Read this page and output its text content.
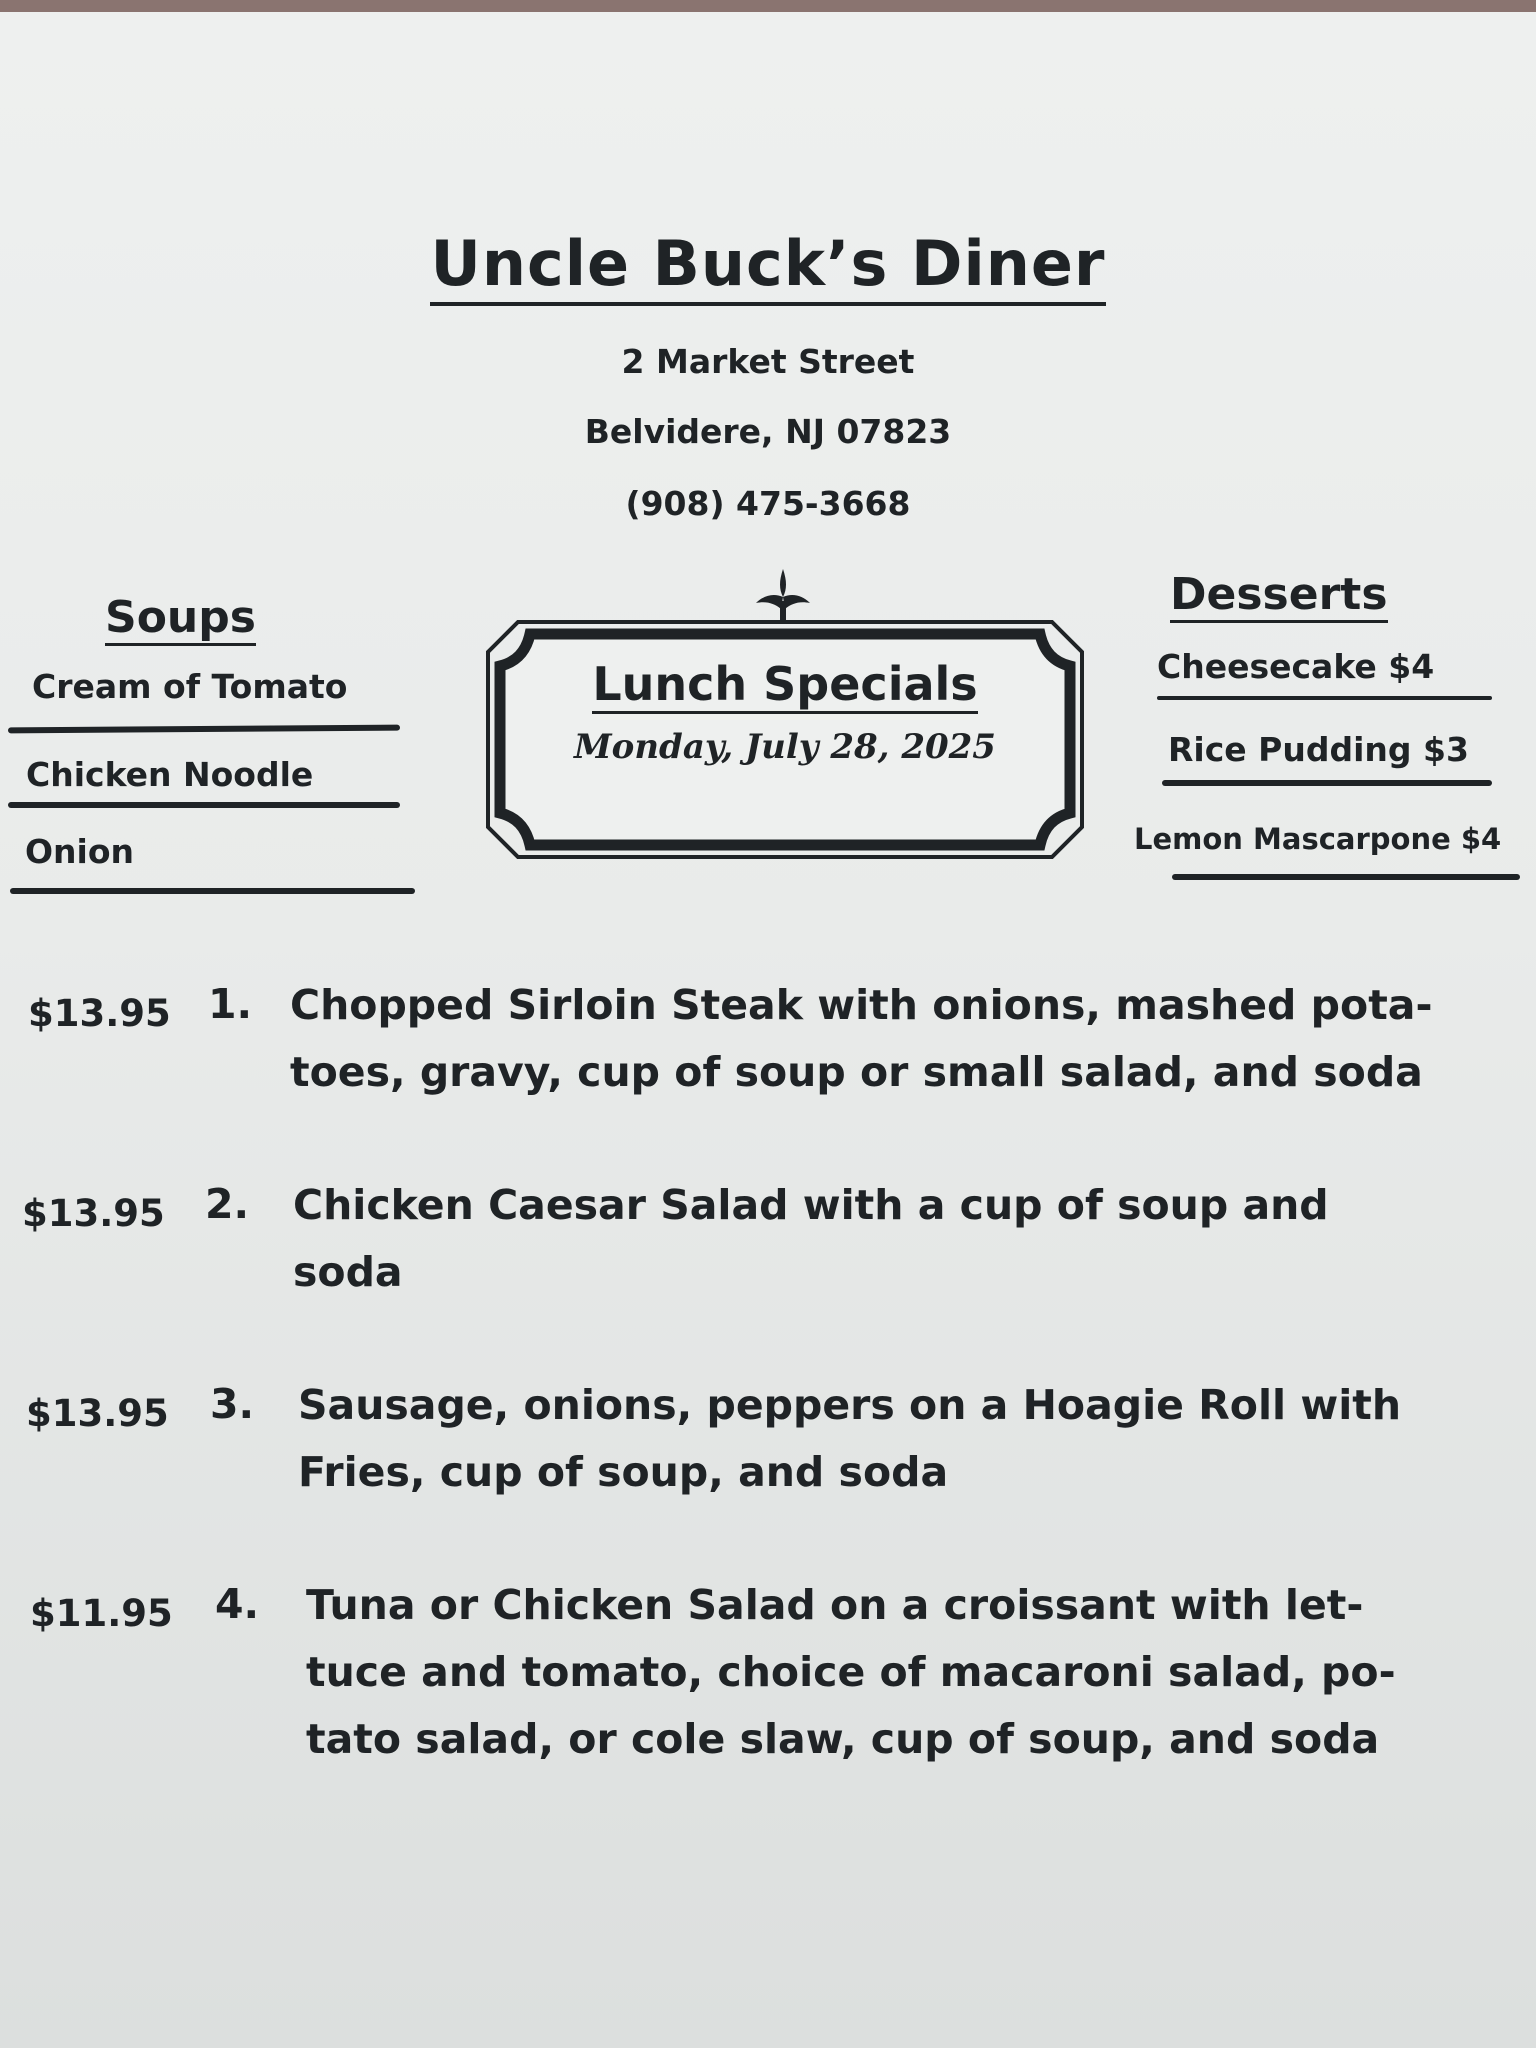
Uncle Buck’s Diner
2 Market Street
Belvidere, NJ 07823
(908) 475-3668
Soups
Cream of Tomato
Chicken Noodle
Onion
Desserts
Cheesecake $4
Rice Pudding $3
Lemon Mascarpone $4
Lunch Specials
Monday, July 28, 2025
$13.95 1. Chopped Sirloin Steak with onions, mashed pota-
toes, gravy, cup of soup or small salad, and soda
$13.95 2. Chicken Caesar Salad with a cup of soup and
soda
$13.95 3. Sausage, onions, peppers on a Hoagie Roll with
Fries, cup of soup, and soda
$11.95 4. Tuna or Chicken Salad on a croissant with let-
tuce and tomato, choice of macaroni salad, po-
tato salad, or cole slaw, cup of soup, and soda
